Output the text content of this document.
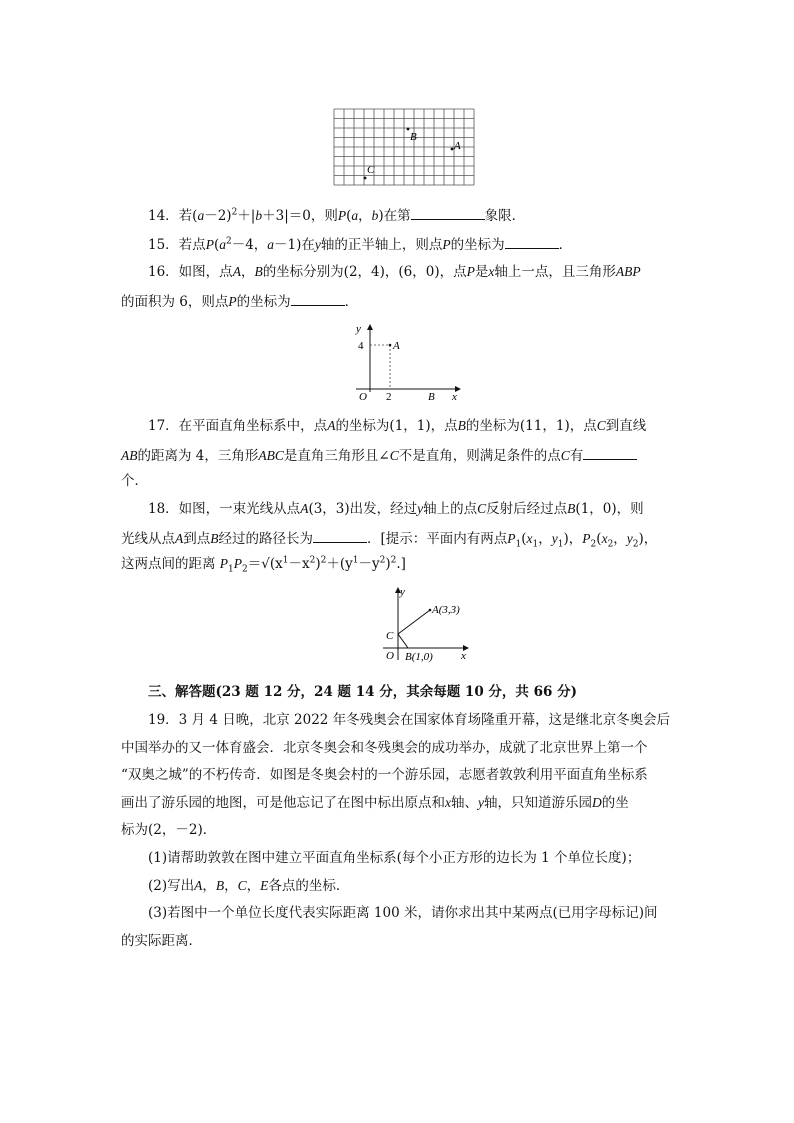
B
A
C
14．若$(a-2)^2+|b+3|=0$，则P(a，b)在第	象限．
15．若点$P(a^2-4$，a－1)在y轴的正半轴上，则点P的坐标为	．
16．如图，点A，B的坐标分别为(2，4)，(6，0)，点P是x轴上一点，且三角形ABP
的面积为 6，则点P的坐标为	．
y
4	A
O 2	B x
17．在平面直角坐标系中，点A的坐标为(1，1)，点B的坐标为(11，1)，点C到直线
AB的距离为 4，三角形ABC是直角三角形且∠C不是直角，则满足条件的点C有
个．
18．如图，一束光线从点A(3，3)出发，经过y轴上的点C反射后经过点B(1，0)，则
光线从点A到点B经过的路径长为	．[提示：平面内有两点$P_1(x_1$，$y_1$)，$P_2(x_2$，$y_2$)，
这两点间的距离 $P_1P_2=√(x^1-x^2)^2+(y^1-y^2)^2$.]
y
A(3,3)
C
O B(1,0)	x
三、解答题(23 题 12 分，24 题 14 分，其余每题 10 分，共 66 分)
19．3 月 4 日晚，北京 2022 年冬残奥会在国家体育场隆重开幕，这是继北京冬奥会后
中国举办的又一体育盛会．北京冬奥会和冬残奥会的成功举办，成就了北京世界上第一个
“双奥之城”的不朽传奇．如图是冬奥会村的一个游乐园，志愿者敦敦利用平面直角坐标系
画出了游乐园的地图，可是他忘记了在图中标出原点和x轴、y轴，只知道游乐园D的坐
标为(2，－2)．
(1)请帮助敦敦在图中建立平面直角坐标系(每个小正方形的边长为 1 个单位长度)；
(2)写出A，B，C，E各点的坐标．
(3)若图中一个单位长度代表实际距离 100 米，请你求出其中某两点(已用字母标记)间
的实际距离．
